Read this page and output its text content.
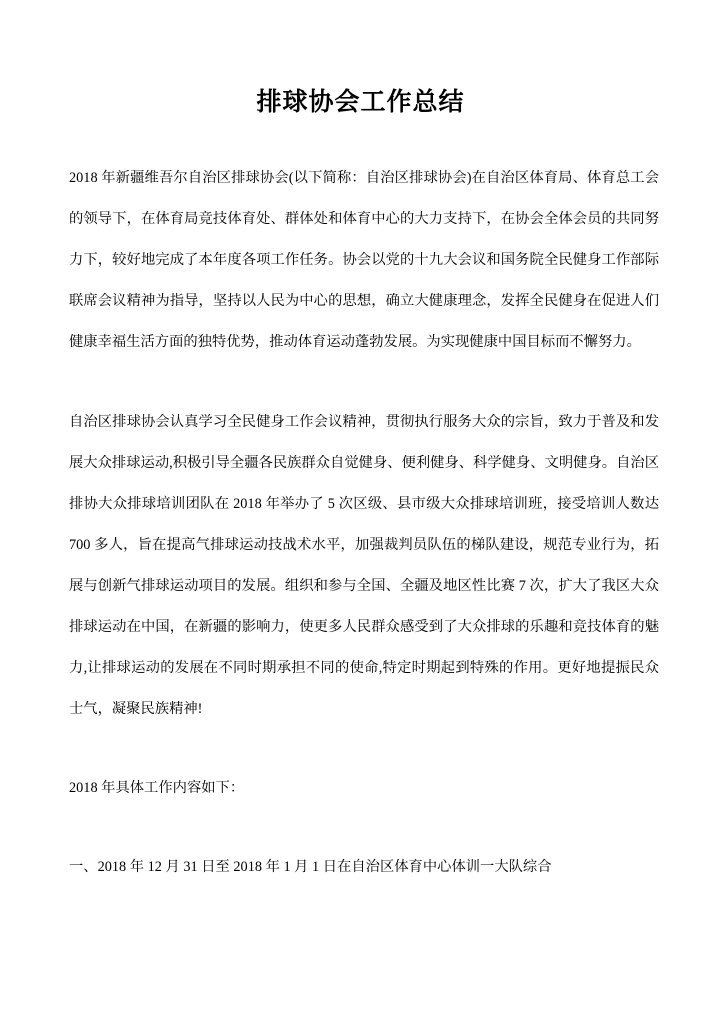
排球协会工作总结

2018 年新疆维吾尔自治区排球协会(以下简称：自治区排球协会)在自治区体育局、体育总工会的领导下，在体育局竞技体育处、群体处和体育中心的大力支持下，在协会全体会员的共同努力下，较好地完成了本年度各项工作任务。协会以党的十九大会议和国务院全民健身工作部际联席会议精神为指导，坚持以人民为中心的思想，确立大健康理念，发挥全民健身在促进人们健康幸福生活方面的独特优势，推动体育运动蓬勃发展。为实现健康中国目标而不懈努力。

自治区排球协会认真学习全民健身工作会议精神，贯彻执行服务大众的宗旨，致力于普及和发展大众排球运动,积极引导全疆各民族群众自觉健身、便利健身、科学健身、文明健身。自治区排协大众排球培训团队在 2018 年举办了 5 次区级、县市级大众排球培训班，接受培训人数达 700 多人，旨在提高气排球运动技战术水平，加强裁判员队伍的梯队建设，规范专业行为，拓展与创新气排球运动项目的发展。组织和参与全国、全疆及地区性比赛 7 次，扩大了我区大众排球运动在中国，在新疆的影响力，使更多人民群众感受到了大众排球的乐趣和竞技体育的魅力,让排球运动的发展在不同时期承担不同的使命,特定时期起到特殊的作用。更好地提振民众士气，凝聚民族精神!

2018 年具体工作内容如下：

一、2018 年 12 月 31 日至 2018 年 1 月 1 日在自治区体育中心体训一大队综合
